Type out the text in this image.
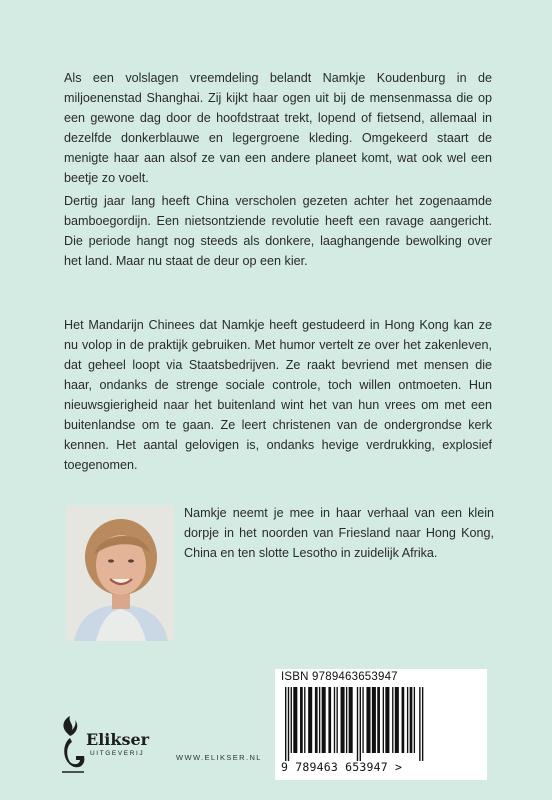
Als een volslagen vreemdeling belandt Namkje Koudenburg in de miljoenenstad Shanghai. Zij kijkt haar ogen uit bij de mensenmassa die op een gewone dag door de hoofdstraat trekt, lopend of fietsend, allemaal in dezelfde donkerblauwe en legergroene kleding. Omgekeerd staart de menigte haar aan alsof ze van een andere planeet komt, wat ook wel een beetje zo voelt.

Dertig jaar lang heeft China verscholen gezeten achter het zogenaamde bamboegordijn. Een nietsontziende revolutie heeft een ravage aangericht. Die periode hangt nog steeds als donkere, laaghangende bewolking over het land. Maar nu staat de deur op een kier.

Het Mandarijn Chinees dat Namkje heeft gestudeerd in Hong Kong kan ze nu volop in de praktijk gebruiken. Met humor vertelt ze over het zakenleven, dat geheel loopt via Staatsbedrijven. Ze raakt bevriend met mensen die haar, ondanks de strenge sociale controle, toch willen ontmoeten. Hun nieuwsgierigheid naar het buitenland wint het van hun vrees om met een buitenlandse om te gaan. Ze leert christenen van de ondergrondse kerk kennen. Het aantal gelovigen is, ondanks hevige verdrukking, explosief toegenomen.

Namkje neemt je mee in haar verhaal van een klein dorpje in het noorden van Friesland naar Hong Kong, China en ten slotte Lesotho in zuidelijk Afrika.

ISBN 9789463653947
9 789463 653947 >
Elikser
UITGEVERIJ	WWW.ELIKSER.NL
